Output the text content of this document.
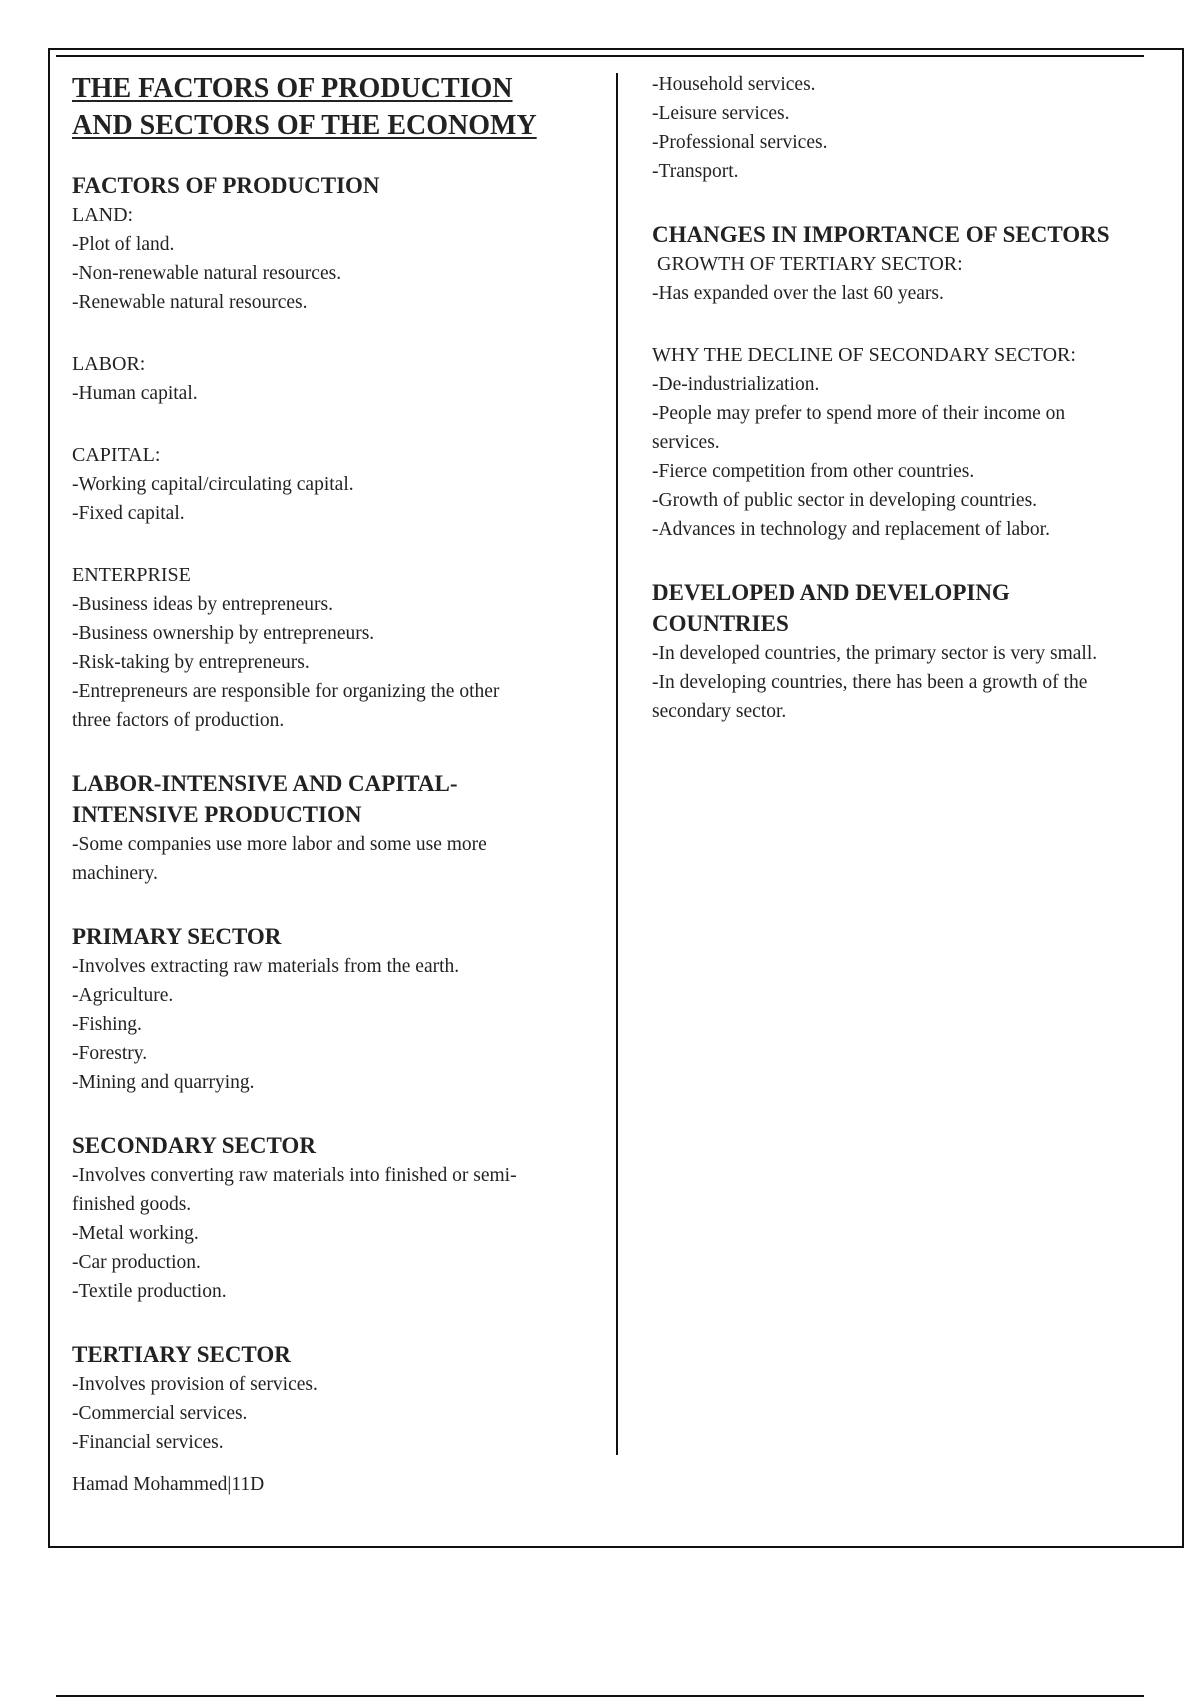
THE FACTORS OF PRODUCTION
AND SECTORS OF THE ECONOMY

FACTORS OF PRODUCTION

LAND:

-Plot of land.

-Non-renewable natural resources.

-Renewable natural resources.

LABOR:

-Human capital.

CAPITAL:

-Working capital/circulating capital.

-Fixed capital.

ENTERPRISE

-Business ideas by entrepreneurs.

-Business ownership by entrepreneurs.

-Risk-taking by entrepreneurs.

-Entrepreneurs are responsible for organizing the other

three factors of production.

LABOR-INTENSIVE AND CAPITAL-

INTENSIVE PRODUCTION

-Some companies use more labor and some use more

machinery.

PRIMARY SECTOR

-Involves extracting raw materials from the earth.

-Agriculture.

-Fishing.

-Forestry.

-Mining and quarrying.

SECONDARY SECTOR

-Involves converting raw materials into finished or semi-

finished goods.

-Metal working.

-Car production.

-Textile production.

TERTIARY SECTOR

-Involves provision of services.

-Commercial services.

-Financial services.

-Household services.

-Leisure services.

-Professional services.

-Transport.

CHANGES IN IMPORTANCE OF SECTORS

GROWTH OF TERTIARY SECTOR:

-Has expanded over the last 60 years.

WHY THE DECLINE OF SECONDARY SECTOR:

-De-industrialization.

-People may prefer to spend more of their income on

services.

-Fierce competition from other countries.

-Growth of public sector in developing countries.

-Advances in technology and replacement of labor.

DEVELOPED AND DEVELOPING

COUNTRIES

-In developed countries, the primary sector is very small.

-In developing countries, there has been a growth of the

secondary sector.

Hamad Mohammed|11D
